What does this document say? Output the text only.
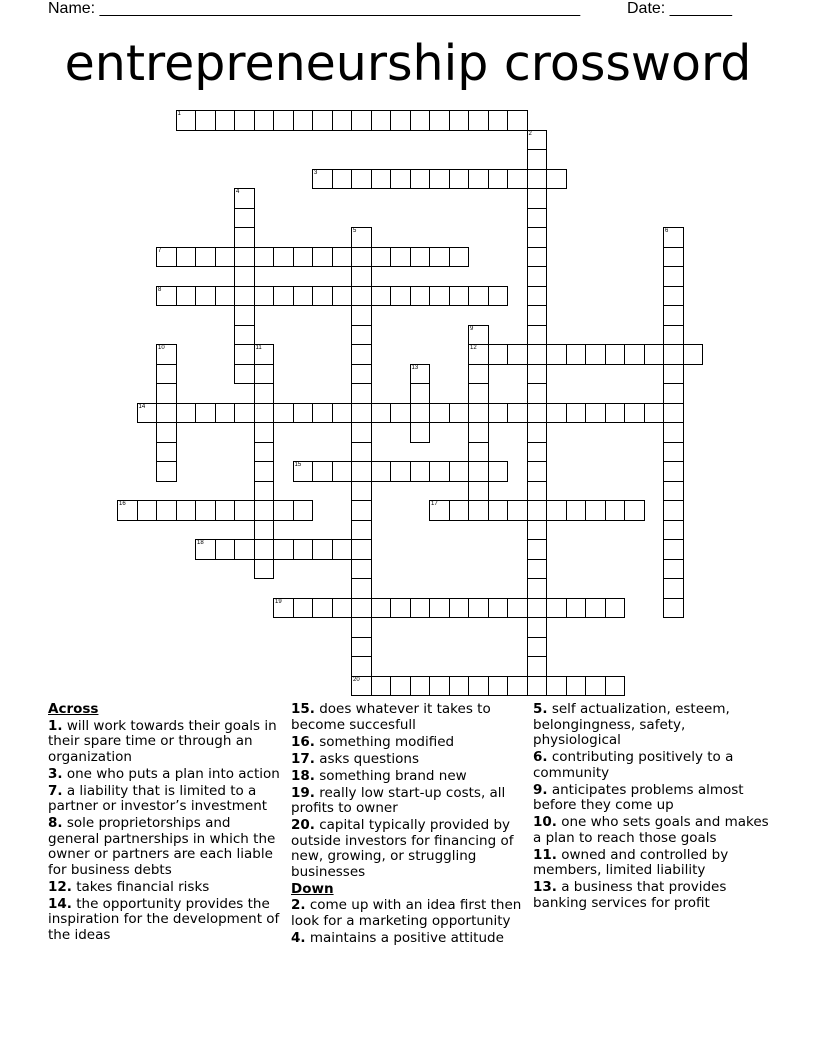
Name: ______________________________________________________	Date: _______
entrepreneurship crossword
1
2
3
4
5	6
7
8
9
12
10	11
13
14
15
16	17
18
19
20
Across
1. will work towards their goals in their spare time or through an organization
3. one who puts a plan into action
7. a liability that is limited to a partner or investor’s investment
8. sole proprietorships and general partnerships in which the owner or partners are each liable for business debts
12. takes financial risks
14. the opportunity provides the inspiration for the development of the ideas
15. does whatever it takes to become succesfull
16. something modified
17. asks questions
18. something brand new
19. really low start-up costs, all profits to owner
20. capital typically provided by outside investors for financing of new, growing, or struggling businesses
Down
2. come up with an idea first then look for a marketing opportunity
4. maintains a positive attitude
5. self actualization, esteem, belongingness, safety, physiological
6. contributing positively to a community
9. anticipates problems almost before they come up
10. one who sets goals and makes a plan to reach those goals
11. owned and controlled by members, limited liability
13. a business that provides banking services for profit
